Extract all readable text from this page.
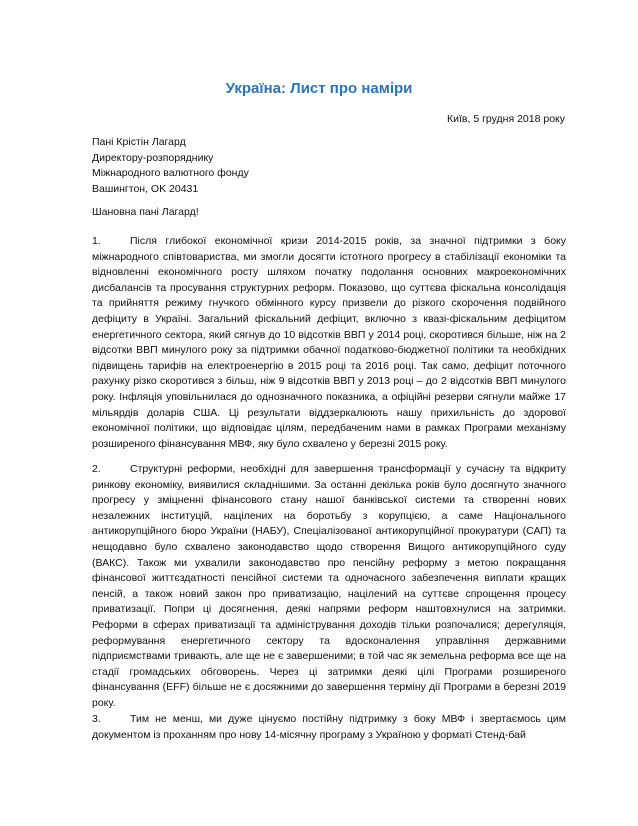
Україна: Лист про наміри

Київ, 5 грудня 2018 року

Пані Крістін Лагард
Директору-розпоряднику
Міжнародного валютного фонду
Вашингтон, OK 20431

Шановна пані Лагард!

1.	Після глибокої економічної кризи 2014-2015 років, за значної підтримки з боку міжнародного співтовариства, ми змогли досягти істотного прогресу в стабілізації економіки та відновленні економічного росту шляхом початку подолання основних макроекономічних дисбалансів та просування структурних реформ. Показово, що суттєва фіскальна консолідація та прийняття режиму гнучкого обмінного курсу призвели до різкого скорочення подвійного дефіциту в Україні. Загальний фіскальний дефіцит, включно з квазі-фіскальним дефіцитом енергетичного сектора, який сягнув до 10 відсотків ВВП у 2014 році, скоротився більше, ніж на 2 відсотки ВВП минулого року за підтримки обачної податково-бюджетної політики та необхідних підвищень тарифів на електроенергію в 2015 році та 2016 році. Так само, дефіцит поточного рахунку різко скоротився з більш, ніж 9 відсотків ВВП у 2013 році – до 2 відсотків ВВП минулого року. Інфляція уповільнилася до однозначного показника, а офіційні резерви сягнули майже 17 мільярдів доларів США. Ці результати віддзеркалюють нашу прихильність до здорової економічної політики, що відповідає цілям, передбаченим нами в рамках Програми механізму розширеного фінансування МВФ, яку було схвалено у березні 2015 року.

2.	Структурні реформи, необхідні для завершення трансформації у сучасну та відкриту ринкову економіку, виявилися складнішими. За останні декілька років було досягнуто значного прогресу у зміцненні фінансового стану нашої банківської системи та створенні нових незалежних інституцій, націлених на боротьбу з корупцією, а саме Національного антикорупційного бюро України (НАБУ), Спеціалізованої антикорупційної прокуратури (САП) та нещодавно було схвалено законодавство щодо створення Вищого антикорупційного суду (ВАКС). Також ми ухвалили законодавство про пенсійну реформу з метою покращання фінансової життєздатності пенсійної системи та одночасного забезпечення виплати кращих пенсій, а також новий закон про приватизацію, націлений на суттєве спрощення процесу приватизації. Попри ці досягнення, деякі напрями реформ наштовхнулися на затримки. Реформи в сферах приватизації та адміністрування доходів тільки розпочалися; дерегуляція, реформування енергетичного сектору та вдосконалення управління державними підприємствами тривають, але ще не є завершеними; в той час як земельна реформа все ще на стадії громадських обговорень. Через ці затримки деякі цілі Програми розширеного фінансування (EFF) більше не є досяжними до завершення терміну дії Програми в березні 2019 року.

3.	Тим не менш, ми дуже цінуємо постійну підтримку з боку МВФ і звертаємось цим документом із проханням про нову 14-місячну програму з Україною у форматі Стенд-бай
